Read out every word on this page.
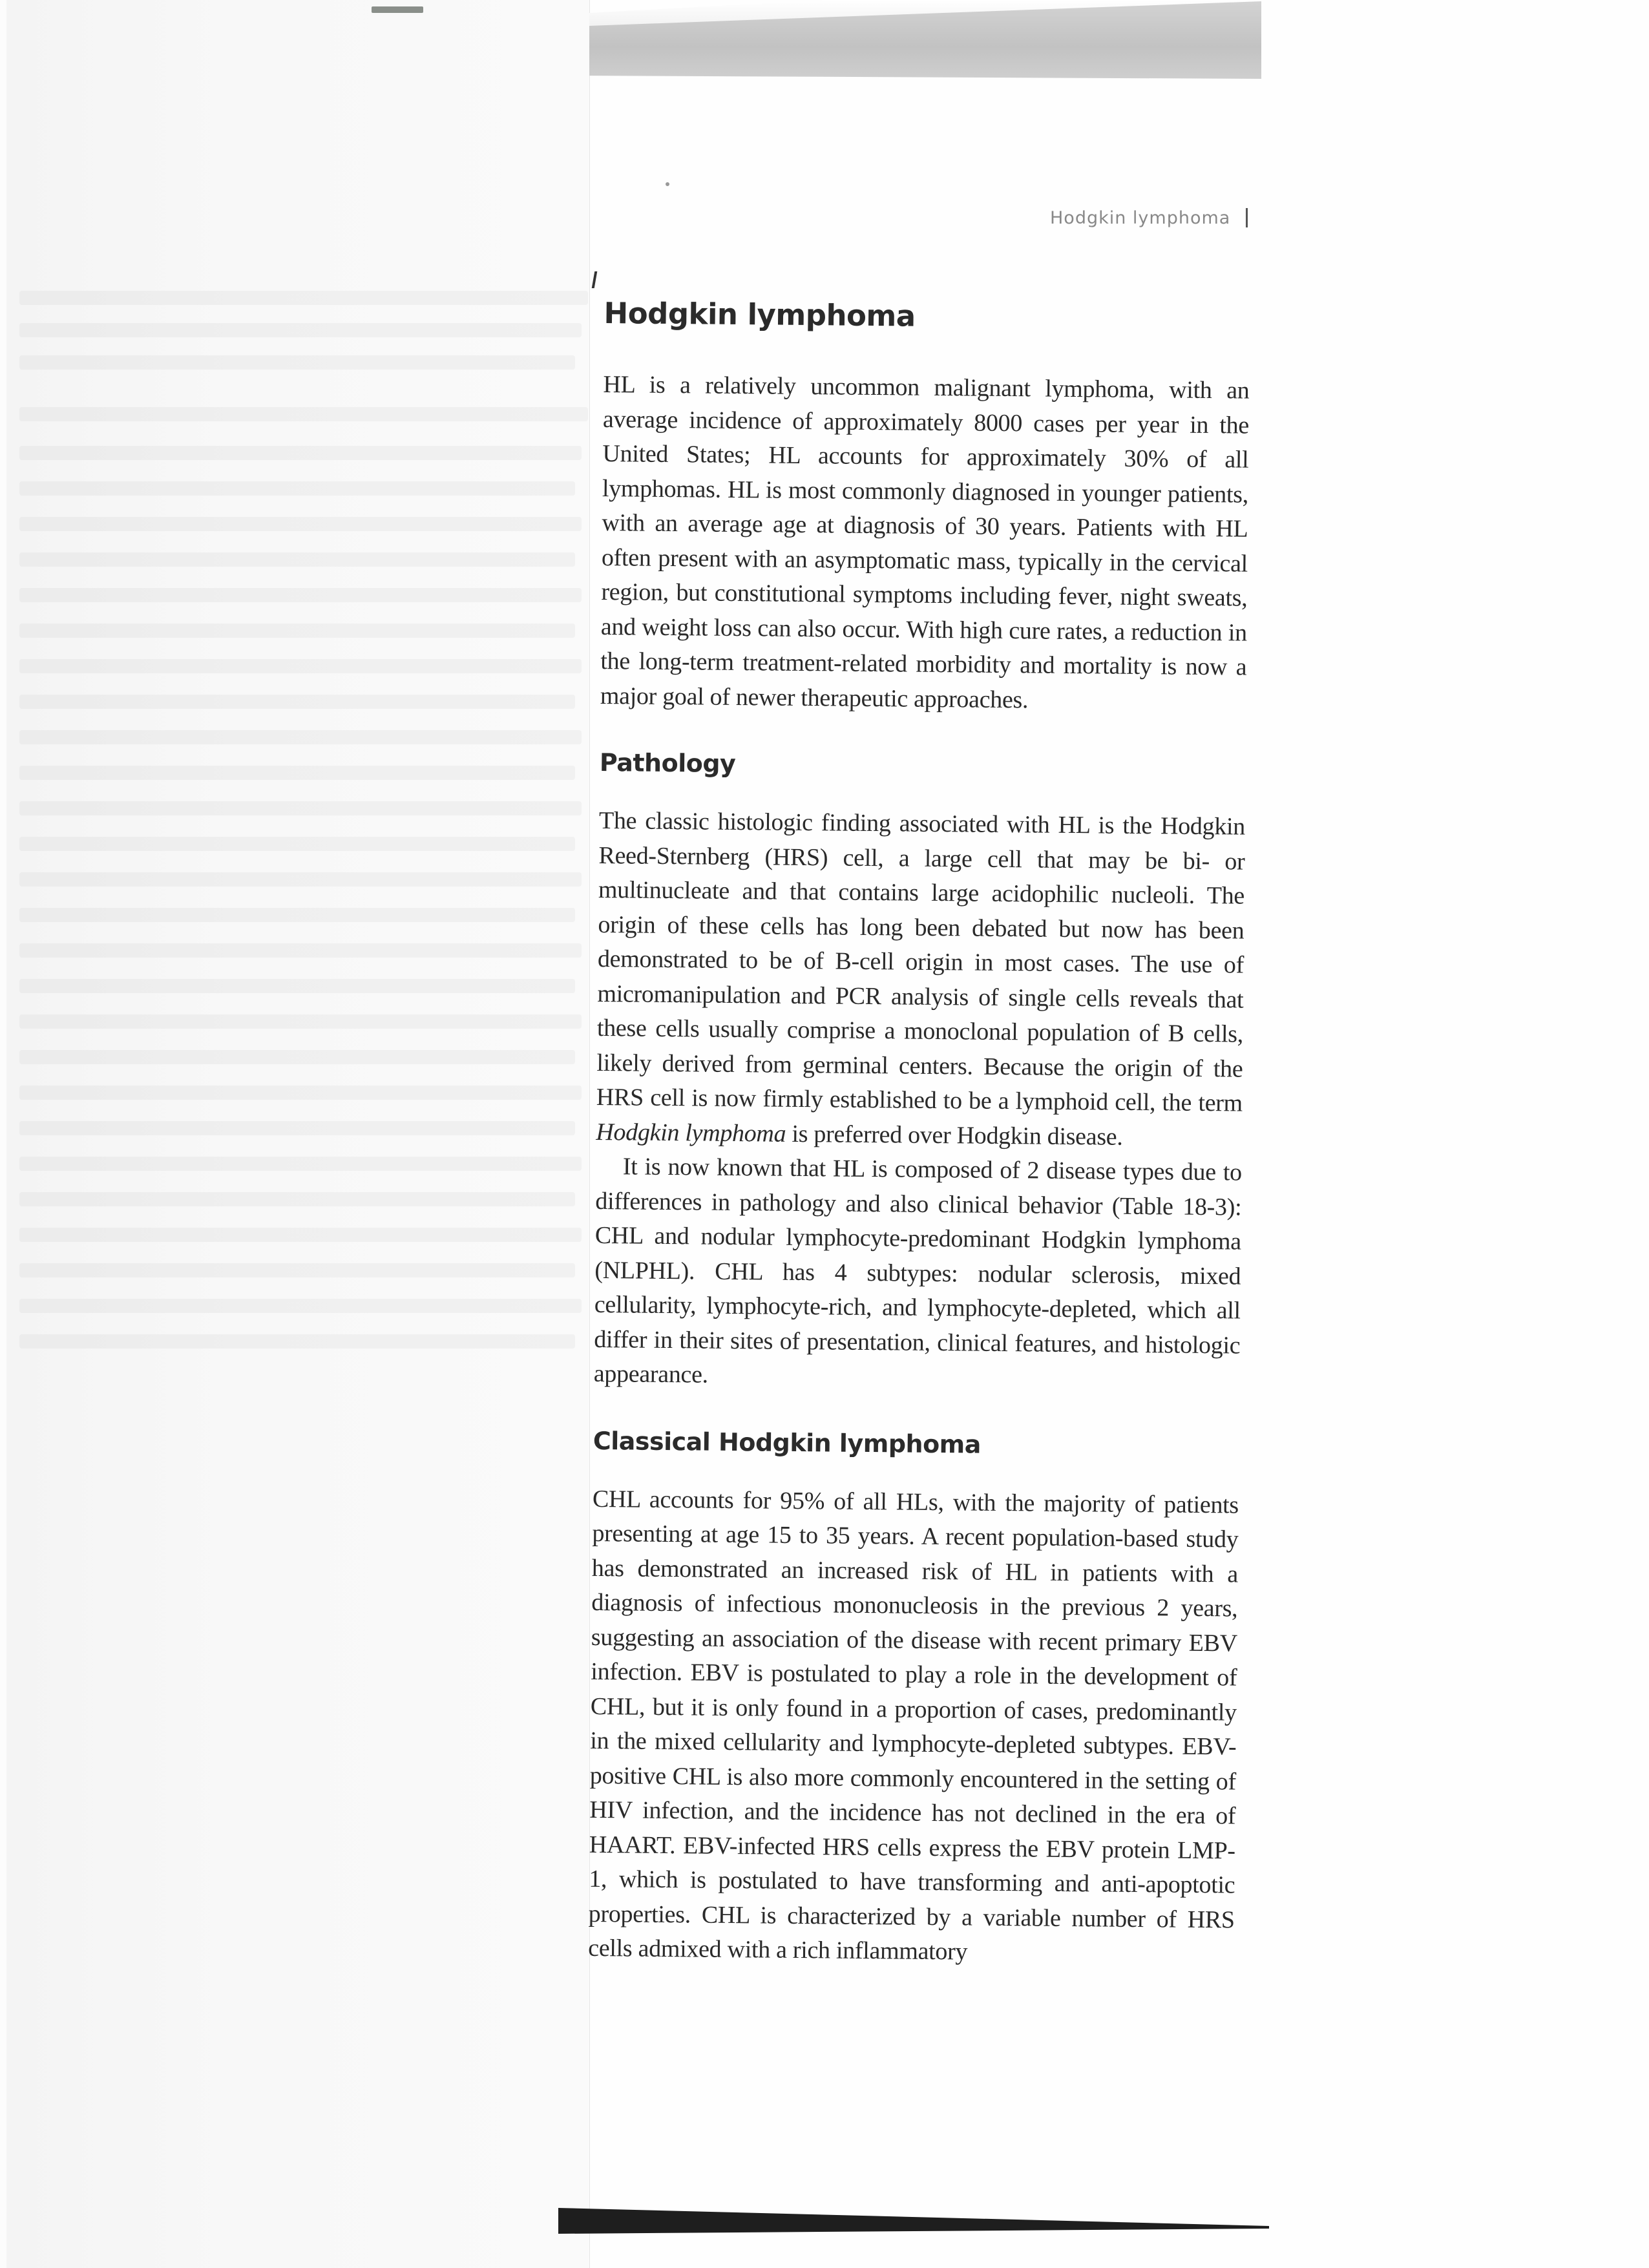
Hodgkin lymphoma
Hodgkin lymphoma

HL is a relatively uncommon malignant lymphoma, with an average incidence of approximately 8000 cases per year in the United States; HL accounts for approximately 30% of all lymphomas. HL is most commonly diagnosed in younger patients, with an average age at diagnosis of 30 years. Patients with HL often present with an asymptomatic mass, typically in the cervical region, but constitutional symptoms including fever, night sweats, and weight loss can also occur. With high cure rates, a reduction in the long-term treatment-related morbidity and mortality is now a major goal of newer therapeutic approaches.

Pathology

The classic histologic finding associated with HL is the Hodgkin Reed-Sternberg (HRS) cell, a large cell that may be bi- or multinucleate and that contains large acidophilic nucleoli. The origin of these cells has long been debated but now has been demonstrated to be of B-cell origin in most cases. The use of micromanipulation and PCR analysis of single cells reveals that these cells usually comprise a monoclonal population of B cells, likely derived from germinal centers. Because the origin of the HRS cell is now firmly established to be a lymphoid cell, the term Hodgkin lymphoma is preferred over Hodgkin disease.

It is now known that HL is composed of 2 disease types due to differences in pathology and also clinical behavior (Table 18-3): CHL and nodular lymphocyte-predominant Hodgkin lymphoma (NLPHL). CHL has 4 subtypes: nodular sclerosis, mixed cellularity, lymphocyte-rich, and lymphocyte-depleted, which all differ in their sites of presentation, clinical features, and histologic appearance.

Classical Hodgkin lymphoma

CHL accounts for 95% of all HLs, with the majority of patients presenting at age 15 to 35 years. A recent population-based study has demonstrated an increased risk of HL in patients with a diagnosis of infectious mononucleosis in the previous 2 years, suggesting an association of the disease with recent primary EBV infection. EBV is postulated to play a role in the development of CHL, but it is only found in a proportion of cases, predominantly in the mixed cellularity and lymphocyte-depleted subtypes. EBV-positive CHL is also more commonly encountered in the setting of HIV infection, and the incidence has not declined in the era of HAART. EBV-infected HRS cells express the EBV protein LMP-1, which is postulated to have transforming and anti-apoptotic properties. CHL is characterized by a variable number of HRS cells admixed with a rich inflammatory
